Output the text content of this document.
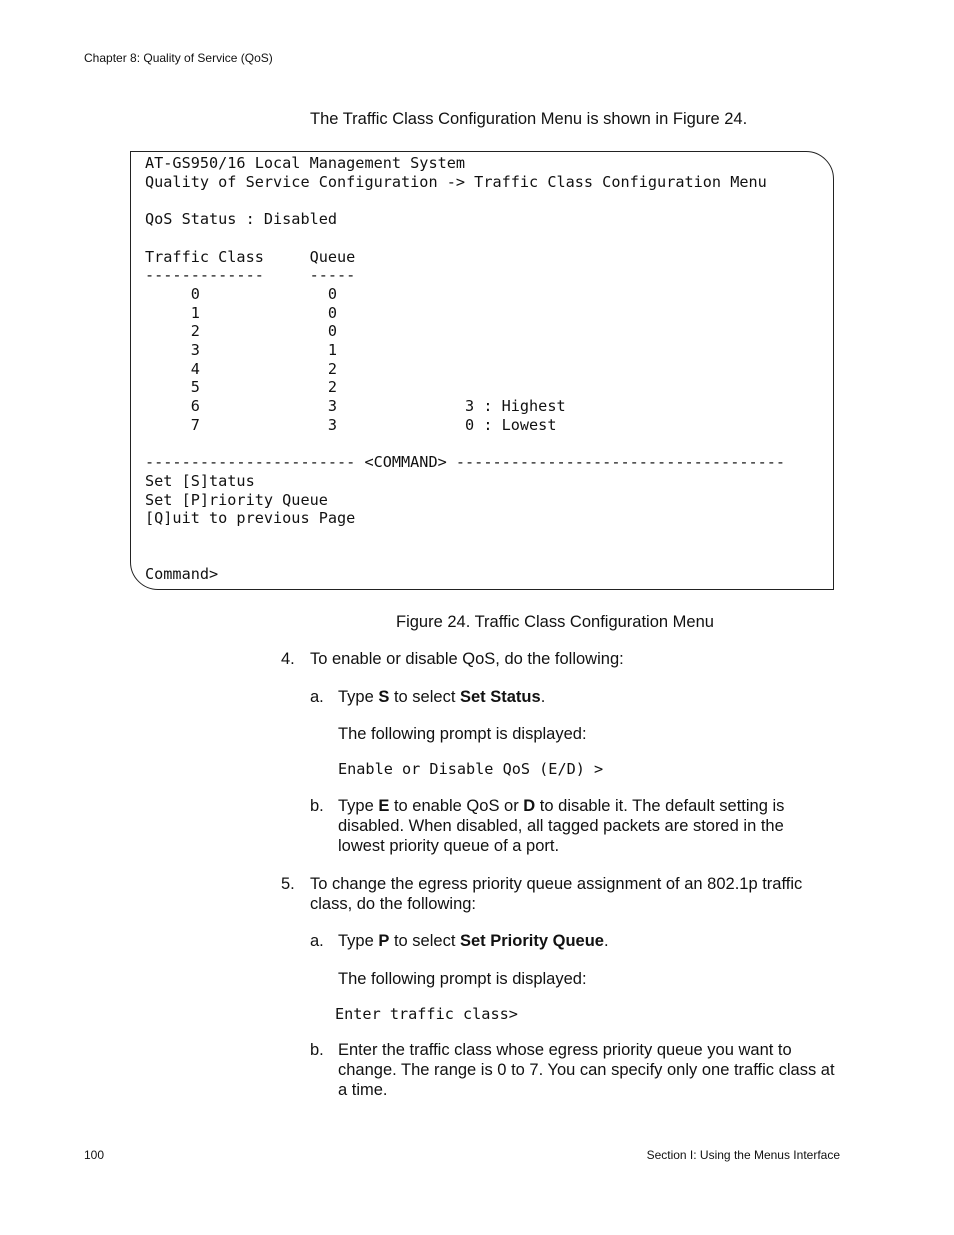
Chapter 8: Quality of Service (QoS)
The Traffic Class Configuration Menu is shown in Figure 24.
AT-GS950/16 Local Management System
Quality of Service Configuration -> Traffic Class Configuration Menu

QoS Status : Disabled

Traffic Class     Queue
-------------     -----
0              0
1              0
2              0
3              1
4              2
5              2
6              3              3 : Highest
7              3              0 : Lowest

----------------------- <COMMAND> ------------------------------------
Set [S]tatus
Set [P]riority Queue
[Q]uit to previous Page

Command>
Figure 24. Traffic Class Configuration Menu
4. To enable or disable QoS, do the following:
a. Type S to select Set Status.
The following prompt is displayed:
Enable or Disable QoS (E/D) >
b. Type E to enable QoS or D to disable it. The default setting is disabled. When disabled, all tagged packets are stored in the lowest priority queue of a port.
5. To change the egress priority queue assignment of an 802.1p traffic class, do the following:
a. Type P to select Set Priority Queue.
The following prompt is displayed:
Enter traffic class>
b. Enter the traffic class whose egress priority queue you want to change. The range is 0 to 7. You can specify only one traffic class at a time.
100	Section I: Using the Menus Interface
